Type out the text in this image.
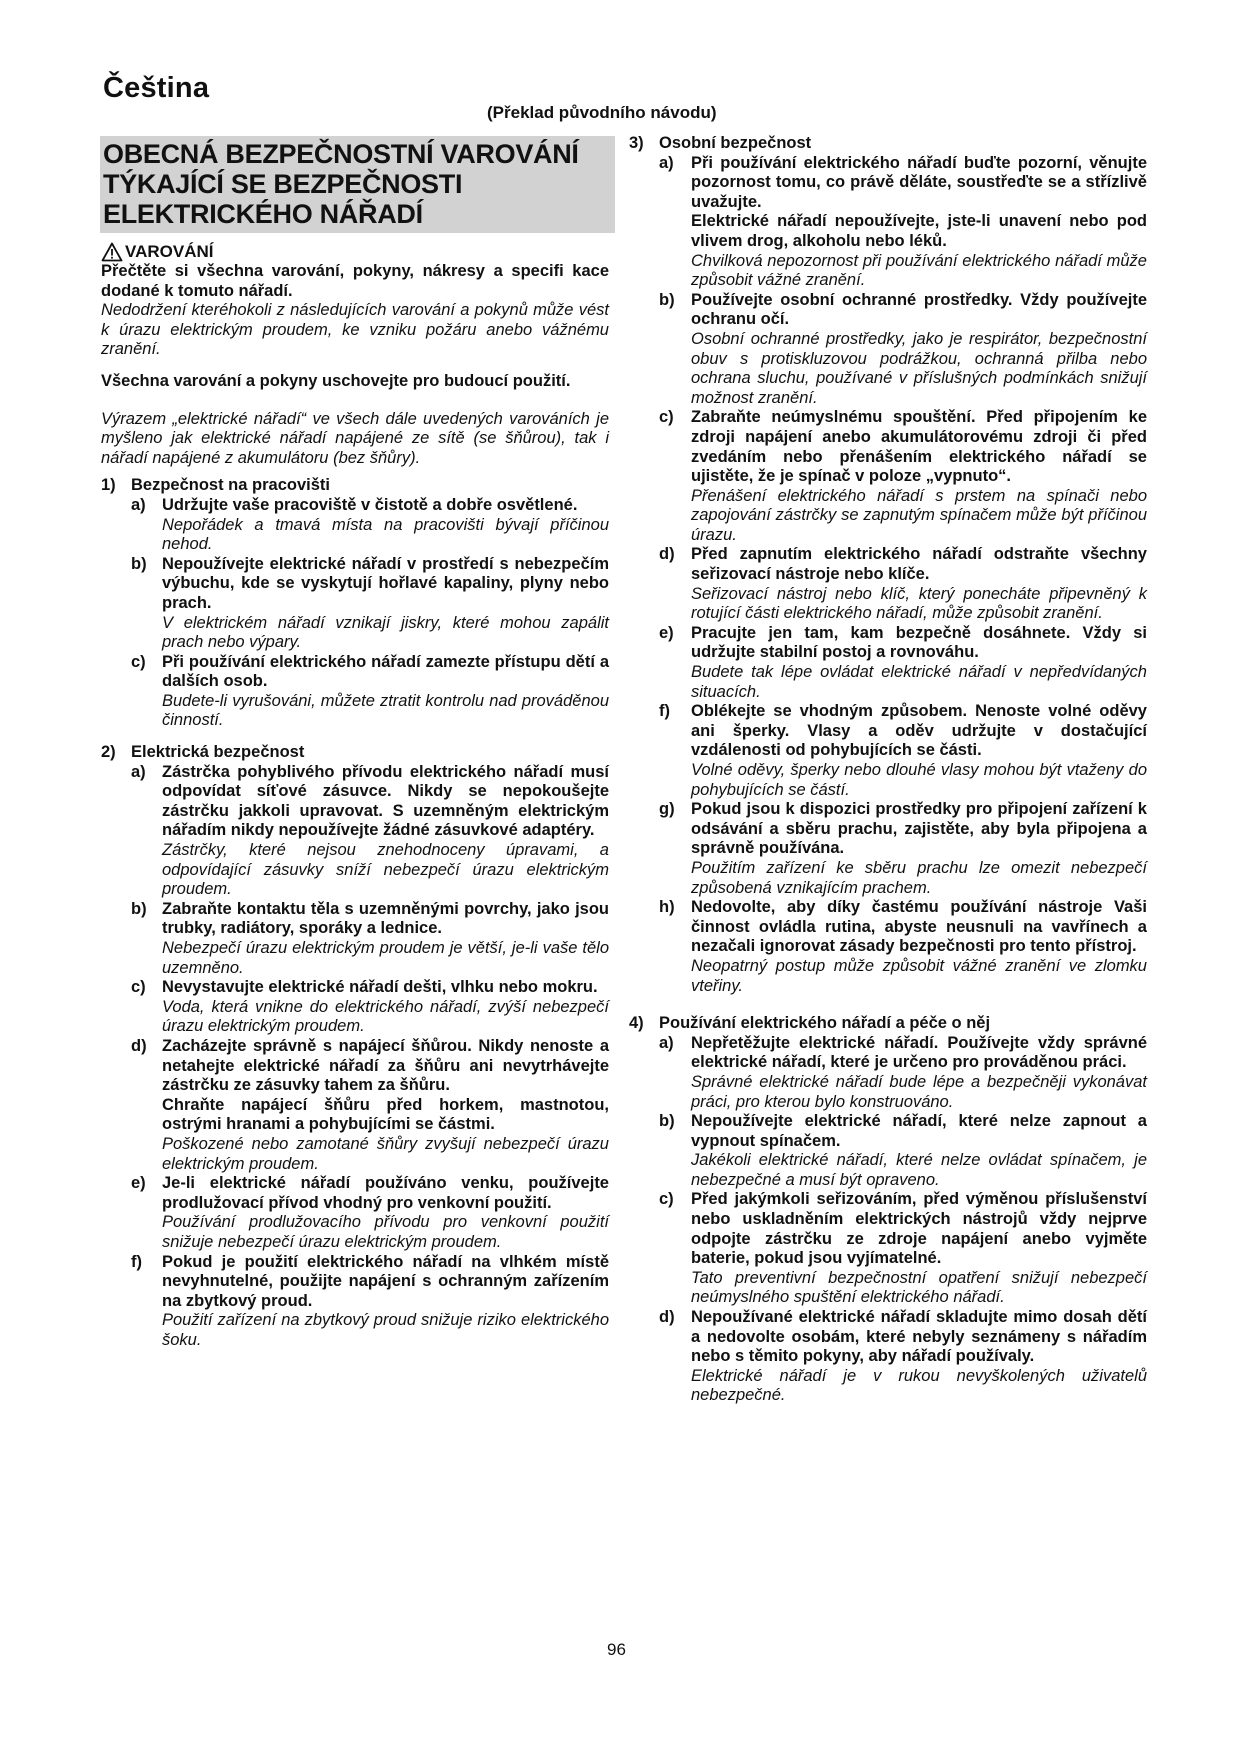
Čeština
(Překlad původního návodu)
OBECNÁ BEZPEČNOSTNÍ VAROVÁNÍ
TÝKAJÍCÍ SE BEZPEČNOSTI
ELEKTRICKÉHO NÁŘADÍ
VAROVÁNÍ
Přečtěte si všechna varování, pokyny, nákresy a specifi kace dodané k tomuto nářadí.
Nedodržení kteréhokoli z následujících varování a pokynů může vést k úrazu elektrickým proudem, ke vzniku požáru anebo vážnému zranění.
Všechna varování a pokyny uschovejte pro budoucí použití.
Výrazem „elektrické nářadí“ ve všech dále uvedených varováních je myšleno jak elektrické nářadí napájené ze sítě (se šňůrou), tak i nářadí napájené z akumulátoru (bez šňůry).
1) Bezpečnost na pracovišti
a) Udržujte vaše pracoviště v čistotě a dobře osvětlené.

Nepořádek a tmavá místa na pracovišti bývají příčinou nehod.

b) Nepoužívejte elektrické nářadí v prostředí s nebezpečím výbuchu, kde se vyskytují hořlavé kapaliny, plyny nebo prach.

V elektrickém nářadí vznikají jiskry, které mohou zapálit prach nebo výpary.

c) Při používání elektrického nářadí zamezte přístupu dětí a dalších osob.

Budete-li vyrušováni, můžete ztratit kontrolu nad prováděnou činností.

2) Elektrická bezpečnost
a) Zástrčka pohyblivého přívodu elektrického nářadí musí odpovídat síťové zásuvce. Nikdy se nepokoušejte zástrčku jakkoli upravovat. S uzemněným elektrickým nářadím nikdy nepoužívejte žádné zásuvkové adaptéry.

Zástrčky, které nejsou znehodnoceny úpravami, a odpovídající zásuvky sníží nebezpečí úrazu elektrickým proudem.

b) Zabraňte kontaktu těla s uzemněnými povrchy, jako jsou trubky, radiátory, sporáky a lednice.

Nebezpečí úrazu elektrickým proudem je větší, je-li vaše tělo uzemněno.

c) Nevystavujte elektrické nářadí dešti, vlhku nebo mokru.

Voda, která vnikne do elektrického nářadí, zvýší nebezpečí úrazu elektrickým proudem.

d) Zacházejte správně s napájecí šňůrou. Nikdy nenoste a netahejte elektrické nářadí za šňůru ani nevytrhávejte zástrčku ze zásuvky tahem za šňůru.

Chraňte napájecí šňůru před horkem, mastnotou, ostrými hranami a pohybujícími se částmi.

Poškozené nebo zamotané šňůry zvyšují nebezpečí úrazu elektrickým proudem.

e) Je-li elektrické nářadí používáno venku, používejte prodlužovací přívod vhodný pro venkovní použití.

Používání prodlužovacího přívodu pro venkovní použití snižuje nebezpečí úrazu elektrickým proudem.

f)	Pokud je použití elektrického nářadí na vlhkém místě nevyhnutelné, použijte napájení s ochranným zařízením na zbytkový proud.

Použití zařízení na zbytkový proud snižuje riziko elektrického šoku.

3) Osobní bezpečnost
a)	Při používání elektrického nářadí buďte pozorní, věnujte pozornost tomu, co právě děláte, soustřeďte se a střízlivě uvažujte.

Elektrické nářadí nepoužívejte, jste-li unavení nebo pod vlivem drog, alkoholu nebo léků.

Chvilková nepozornost při používání elektrického nářadí může způsobit vážné zranění.

b) Používejte osobní ochranné prostředky. Vždy používejte ochranu očí.

Osobní ochranné prostředky, jako je respirátor, bezpečnostní obuv s protiskluzovou podrážkou, ochranná přilba nebo ochrana sluchu, používané v příslušných podmínkách snižují možnost zranění.

c)	Zabraňte neúmyslnému spouštění. Před připojením ke zdroji napájení anebo akumulátorovému zdroji či před zvedáním nebo přenášením elektrického nářadí se ujistěte, že je spínač v poloze „vypnuto“.

Přenášení elektrického nářadí s prstem na spínači nebo zapojování zástrčky se zapnutým spínačem může být příčinou úrazu.

d) Před zapnutím elektrického nářadí odstraňte všechny seřizovací nástroje nebo klíče.

Seřizovací nástroj nebo klíč, který ponecháte připevněný k rotující části elektrického nářadí, může způsobit zranění.

e)	Pracujte jen tam, kam bezpečně dosáhnete. Vždy si udržujte stabilní postoj a rovnováhu.

Budete tak lépe ovládat elektrické nářadí v nepředvídaných situacích.

f)	Oblékejte se vhodným způsobem. Nenoste volné oděvy ani šperky. Vlasy a oděv udržujte v dostačující vzdálenosti od pohybujících se části.

Volné oděvy, šperky nebo dlouhé vlasy mohou být vtaženy do pohybujících se částí.

g) Pokud jsou k dispozici prostředky pro připojení zařízení k odsávání a sběru prachu, zajistěte, aby byla připojena a správně používána.

Použitím zařízení ke sběru prachu lze omezit nebezpečí způsobená vznikajícím prachem.

h) Nedovolte, aby díky častému používání nástroje Vaši činnost ovládla rutina, abyste neusnuli na vavřínech a nezačali ignorovat zásady bezpečnosti pro tento přístroj.

Neopatrný postup může způsobit vážné zranění ve zlomku vteřiny.

4) Používání elektrického nářadí a péče o něj
a)	Nepřetěžujte elektrické nářadí. Používejte vždy správné elektrické nářadí, které je určeno pro prováděnou práci.

Správné elektrické nářadí bude lépe a bezpečněji vykonávat práci, pro kterou bylo konstruováno.

b) Nepoužívejte elektrické nářadí, které nelze zapnout a vypnout spínačem.

Jakékoli elektrické nářadí, které nelze ovládat spínačem, je nebezpečné a musí být opraveno.

c)	Před jakýmkoli seřizováním, před výměnou příslušenství nebo uskladněním elektrických nástrojů vždy nejprve odpojte zástrčku ze zdroje napájení anebo vyjměte baterie, pokud jsou vyjímatelné.

Tato preventivní bezpečnostní opatření snižují nebezpečí neúmyslného spuštění elektrického nářadí.

d) Nepoužívané elektrické nářadí skladujte mimo dosah dětí a nedovolte osobám, které nebyly seznámeny s nářadím nebo s těmito pokyny, aby nářadí používaly.

Elektrické nářadí je v rukou nevyškolených uživatelů nebezpečné.

96
